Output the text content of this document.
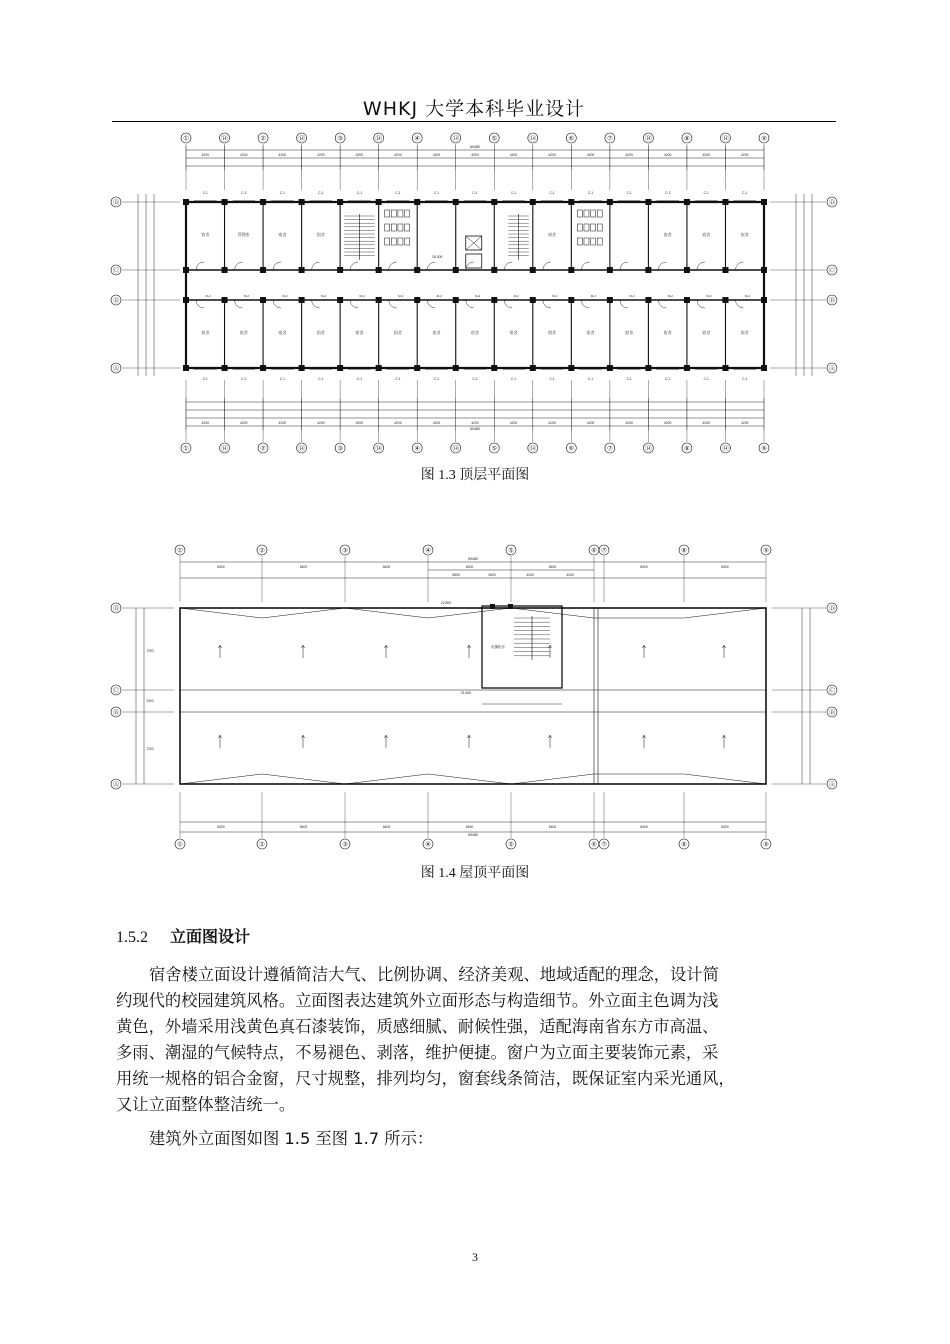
WHKJ 大学本科毕业设计
①
①
⑭
⑭
②
②
⑭
⑭
③
③
⑭
⑭
④
④
⑭
⑭
⑤
⑤
⑭
⑭
⑥
⑥
⑦
⑦
⑭
⑭
⑧
⑧
⑭
⑭
⑨
⑨
60480
60480
4200
4200
4200
4200
4200
4200
4200
4200
4200
4200
4200
4200
4200
4200
4200
4200
4200
4200
4200
4200
4200
4200
4200
4200
4200
4200
4200
4200
4200
4200
Ⓓ	Ⓓ
Ⓒ	Ⓒ
Ⓑ	Ⓑ
Ⓐ	Ⓐ
C-1
C-1
C-1
C-1
C-1
C-1
C-1
C-1
C-1
C-1
C-1
C-1
C-1
C-1
C-1
C-1
C-1
C-1
C-1
C-1
C-1
C-1
C-1
C-1
C-1
C-1
C-1
C-1
C-1
C-1
宿舍	管理室	宿舍	宿舍	宿舍	宿舍	宿舍	宿舍
宿舍	宿舍	宿舍	宿舍	宿舍	宿舍	宿舍	宿舍	宿舍	宿舍	宿舍	宿舍	宿舍	宿舍	宿舍
M-2	M-2	M-2	M-2	M-2	M-2	M-2	M-2	M-2	M-2	M-2	M-2	M-2	M-2	M-2
18.000
图 1.3 顶层平面图
①
①
②
②
③
③
④
④
⑤
⑤
⑥
⑥
⑦
⑦
⑧
⑧
⑨
⑨
59480
59480
8400
8400
8400
8400
8400
8400
8400
8400
8400
8400
8400
8400
8400
8400
5800	2600	4200	4200
Ⓓ	Ⓓ
Ⓒ	Ⓒ
Ⓑ	Ⓑ
Ⓐ	Ⓐ
7200
2400
7200
电梯机房
22.800
21.600
图 1.4 屋顶平面图
1.5.2 立面图设计
宿舍楼立面设计遵循简洁大气、比例协调、经济美观、地域适配的理念，设计简
约现代的校园建筑风格。立面图表达建筑外立面形态与构造细节。外立面主色调为浅
黄色，外墙采用浅黄色真石漆装饰，质感细腻、耐候性强，适配海南省东方市高温、
多雨、潮湿的气候特点，不易褪色、剥落，维护便捷。窗户为立面主要装饰元素，采
用统一规格的铝合金窗，尺寸规整，排列均匀，窗套线条简洁，既保证室内采光通风，
又让立面整体整洁统一。
建筑外立面图如图 1.5 至图 1.7 所示：
3
